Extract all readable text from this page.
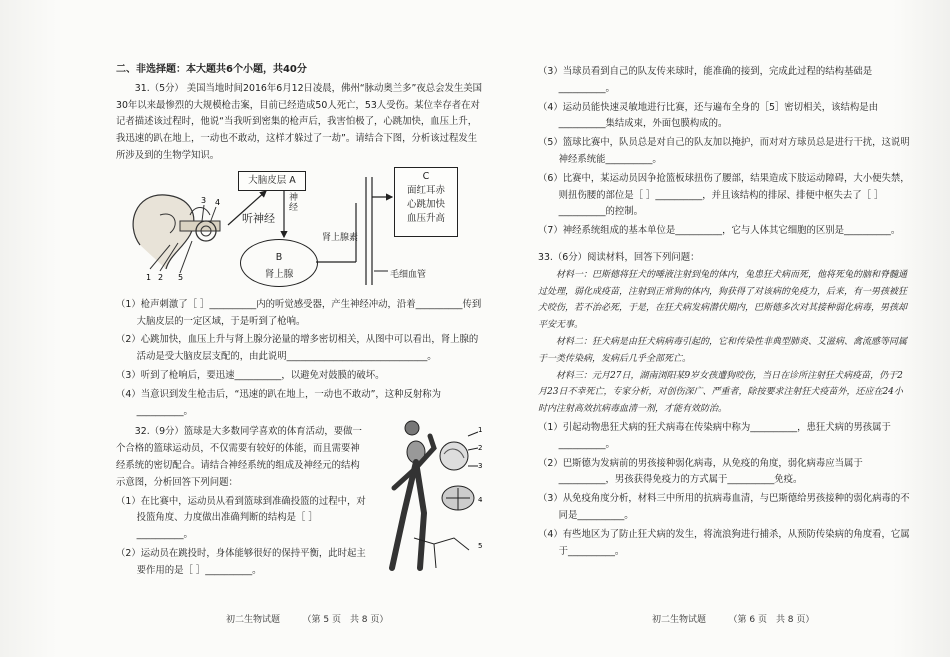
二、非选择题：本大题共6个小题，共40分

31.（5分） 美国当地时间2016年6月12日凌晨，佛州“脉动奥兰多”夜总会发生美国30年以来最惨烈的大规模枪击案，目前已经造成50人死亡，53人受伤。某位幸存者在对记者描述该过程时，他说“当我听到密集的枪声后，我害怕极了，心跳加快，血压上升，我迅速的趴在地上，一动也不敢动，这样才躲过了一劫”。请结合下图，分析该过程发生所涉及到的生物学知识。

1 2 5
3 4
大脑皮层 A
听神经
神经
B
肾上腺
肾上腺素
C
面红耳赤
心跳加快
血压升高
毛细血管

（1）枪声刺激了［ ］__________内的听觉感受器，产生神经冲动，沿着__________传到大脑皮层的一定区域，于是听到了枪响。

（2）心跳加快，血压上升与肾上腺分泌量的增多密切相关，从图中可以看出，肾上腺的活动是受大脑皮层支配的，由此说明______________________________。

（3）听到了枪响后，要迅速__________，以避免对鼓膜的破坏。

（4）当意识到发生枪击后，“迅速的趴在地上，一动也不敢动”，这种反射称为__________。

32.（9分）篮球是大多数同学喜欢的体育活动，要做一个合格的篮球运动员，不仅需要有较好的体能，而且需要神经系统的密切配合。请结合神经系统的组成及神经元的结构示意图，分析回答下列问题：

（1）在比赛中，运动员从看到篮球到准确投篮的过程中，对投篮角度、力度做出准确判断的结构是［ ］__________。

（2）运动员在跳投时，身体能够很好的保持平衡，此时起主要作用的是［ ］__________。

1
2
3
4
5
初二生物试题　　　（第 5 页　共 8 页）

（3）当球员看到自己的队友传来球时，能准确的接到，完成此过程的结构基础是__________。

（4）运动员能快速灵敏地进行比赛，还与遍布全身的［5］密切相关，该结构是由__________集结成束，外面包膜构成的。

（5）篮球比赛中，队员总是对自己的队友加以掩护，而对对方球员总是进行干扰，这说明神经系统能__________。

（6）比赛中，某运动员因争抢篮板球扭伤了腰部，结果造成下肢运动障碍，大小便失禁，则扭伤腰的部位是［ ］__________，并且该结构的排尿、排便中枢失去了［ ］__________的控制。

（7）神经系统组成的基本单位是__________，它与人体其它细胞的区别是__________。

33.（6分）阅读材料，回答下列问题：

材料一：巴斯德将狂犬的唾液注射到兔的体内，兔患狂犬病而死，他将死兔的脑和脊髓通过处理，弱化成疫苗，注射到正常狗的体内，狗获得了对该病的免疫力，后来，有一男孩被狂犬咬伤，若不治必死，于是，在狂犬病发病潜伏期内，巴斯德多次对其接种弱化病毒，男孩却平安无事。

材料二：狂犬病是由狂犬病病毒引起的，它和传染性非典型肺炎、艾滋病、禽流感等同属于一类传染病，发病后几乎全部死亡。

材料三：元月27日，湖南浏阳某9岁女孩遭狗咬伤，当日在诊所注射狂犬病疫苗，仍于2月23日不幸死亡，专家分析，对创伤深广、严重者，除按要求注射狂犬疫苗外，还应在24小时内注射高效抗病毒血清一剂，才能有效防治。

（1）引起动物患狂犬病的狂犬病毒在传染病中称为__________，患狂犬病的男孩属于__________。

（2）巴斯德为发病前的男孩接种弱化病毒，从免疫的角度，弱化病毒应当属于__________，男孩获得免疫力的方式属于__________免疫。

（3）从免疫角度分析，材料三中所用的抗病毒血清，与巴斯德给男孩接种的弱化病毒的不同是__________。

（4）有些地区为了防止狂犬病的发生，将流浪狗进行捕杀，从预防传染病的角度看，它属于__________。

初二生物试题　　　（第 6 页　共 8 页）
